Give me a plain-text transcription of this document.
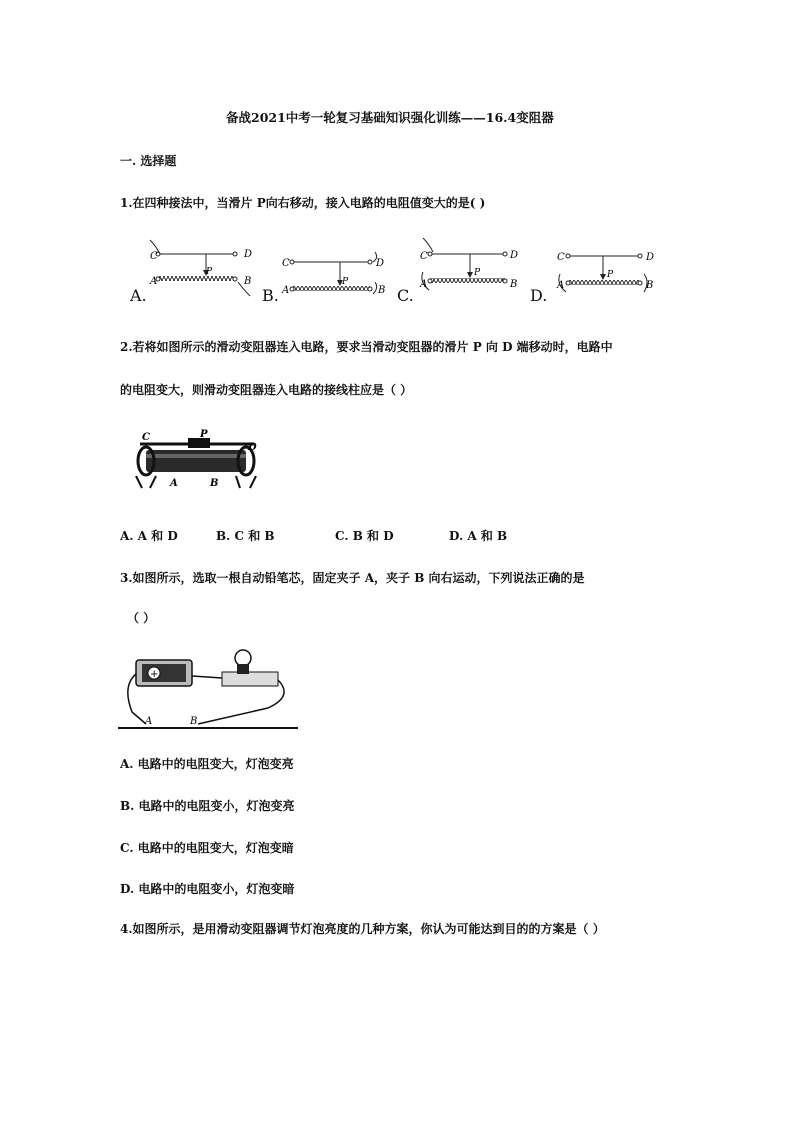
备战2021中考一轮复习基础知识强化训练——16.4变阻器
一. 选择题
1.在四种接法中，当滑片 P向右移动，接入电路的电阻值变大的是( )
C	D
P
A	B
C	D
P
A	B
C	D
P
A	B
C	D
P
A	B
A.	B.	C.	D.
2.若将如图所示的滑动变阻器连入电路，要求当滑动变阻器的滑片 P 向 D 端移动时，电路中
的电阻变大，则滑动变阻器连入电路的接线柱应是（ ）
C	P
D
A	B
A. A 和 D	B. C 和 B	C. B 和 D	D. A 和 B
3.如图所示，选取一根自动铅笔芯，固定夹子 A，夹子 B 向右运动，下列说法正确的是
（ ）
+
A	B
A. 电路中的电阻变大，灯泡变亮
B. 电路中的电阻变小，灯泡变亮
C. 电路中的电阻变大，灯泡变暗
D. 电路中的电阻变小，灯泡变暗
4.如图所示，是用滑动变阻器调节灯泡亮度的几种方案，你认为可能达到目的的方案是（ ）
